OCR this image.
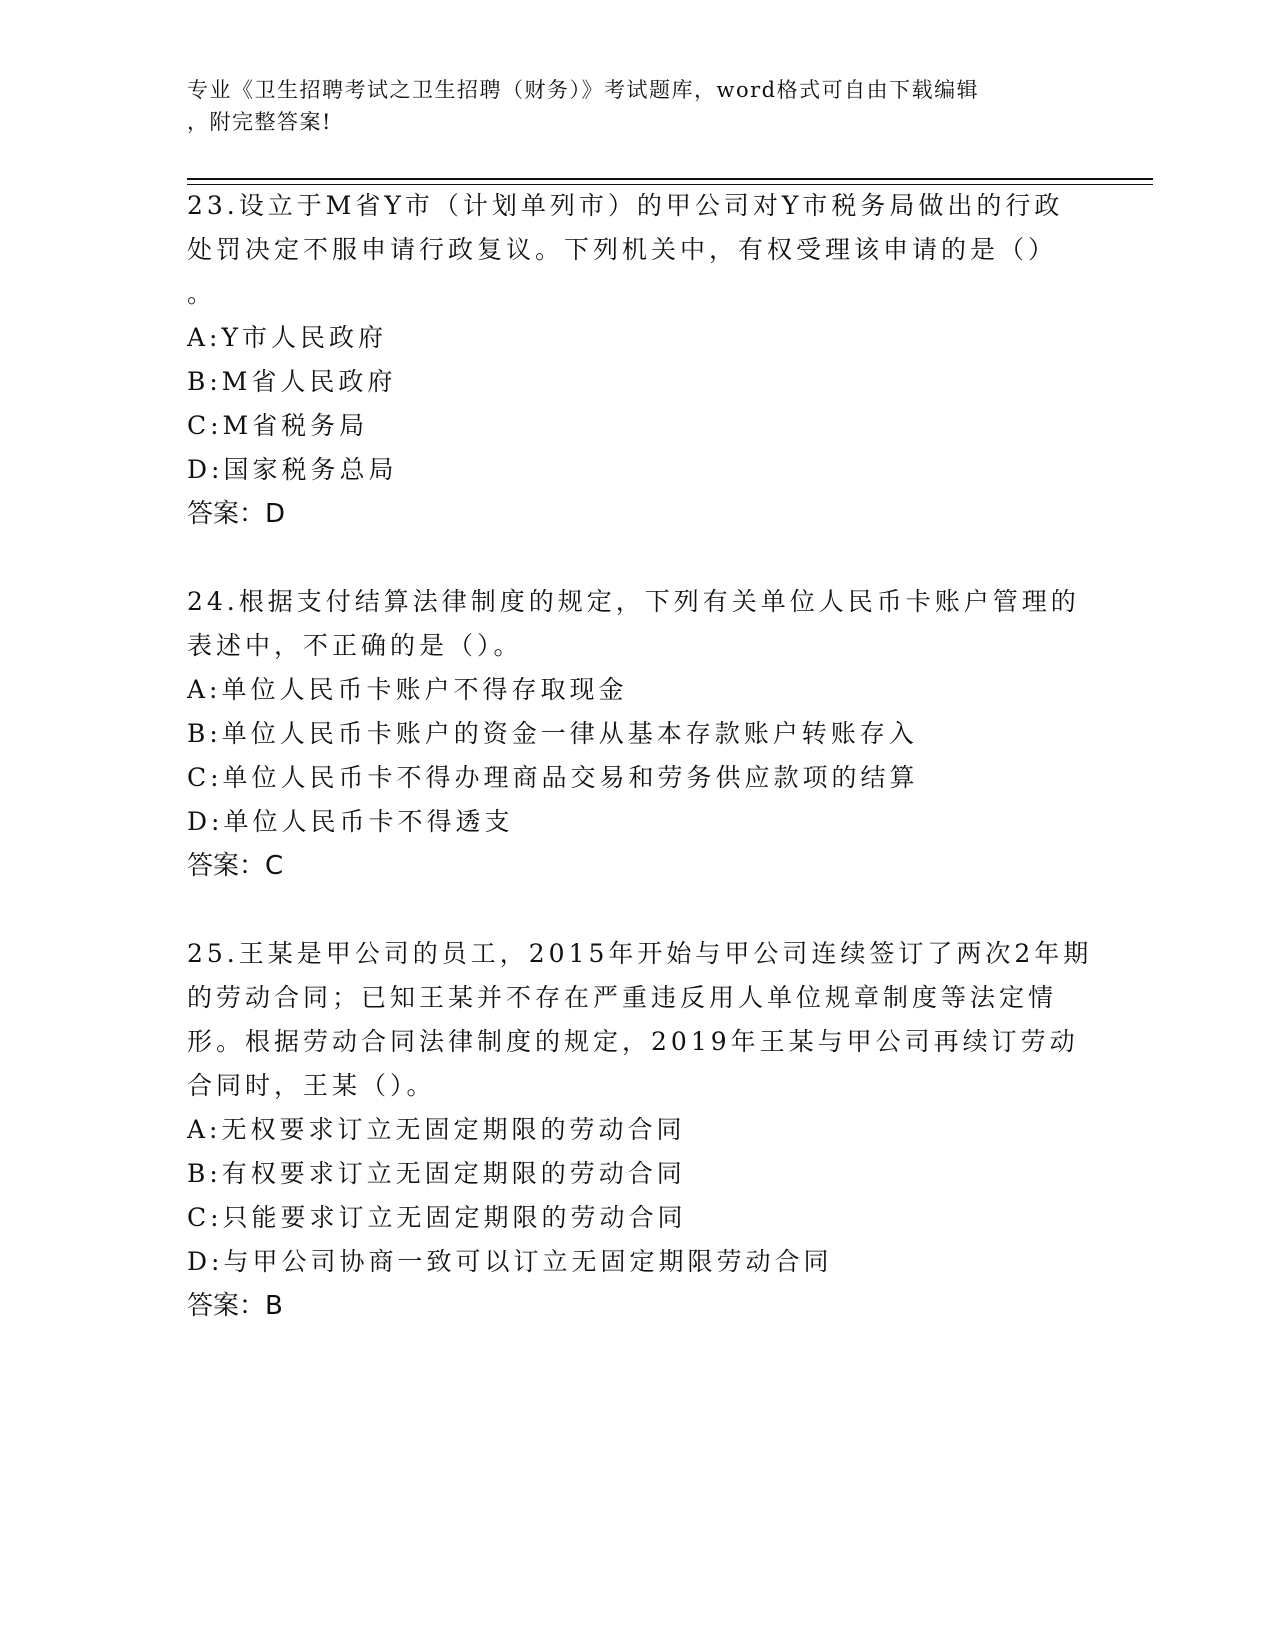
专业《卫生招聘考试之卫生招聘（财务）》考试题库，word格式可自由下载编辑
，附完整答案!
23.设立于M省Y市（计划单列市）的甲公司对Y市税务局做出的行政
处罚决定不服申请行政复议。下列机关中，有权受理该申请的是（）
。
A:Y市人民政府
B:M省人民政府
C:M省税务局
D:国家税务总局
答案：D
24.根据支付结算法律制度的规定，下列有关单位人民币卡账户管理的
表述中，不正确的是（）。
A:单位人民币卡账户不得存取现金
B:单位人民币卡账户的资金一律从基本存款账户转账存入
C:单位人民币卡不得办理商品交易和劳务供应款项的结算
D:单位人民币卡不得透支
答案：C
25.王某是甲公司的员工，2015年开始与甲公司连续签订了两次2年期
的劳动合同；已知王某并不存在严重违反用人单位规章制度等法定情
形。根据劳动合同法律制度的规定，2019年王某与甲公司再续订劳动
合同时，王某（）。
A:无权要求订立无固定期限的劳动合同
B:有权要求订立无固定期限的劳动合同
C:只能要求订立无固定期限的劳动合同
D:与甲公司协商一致可以订立无固定期限劳动合同
答案：B
